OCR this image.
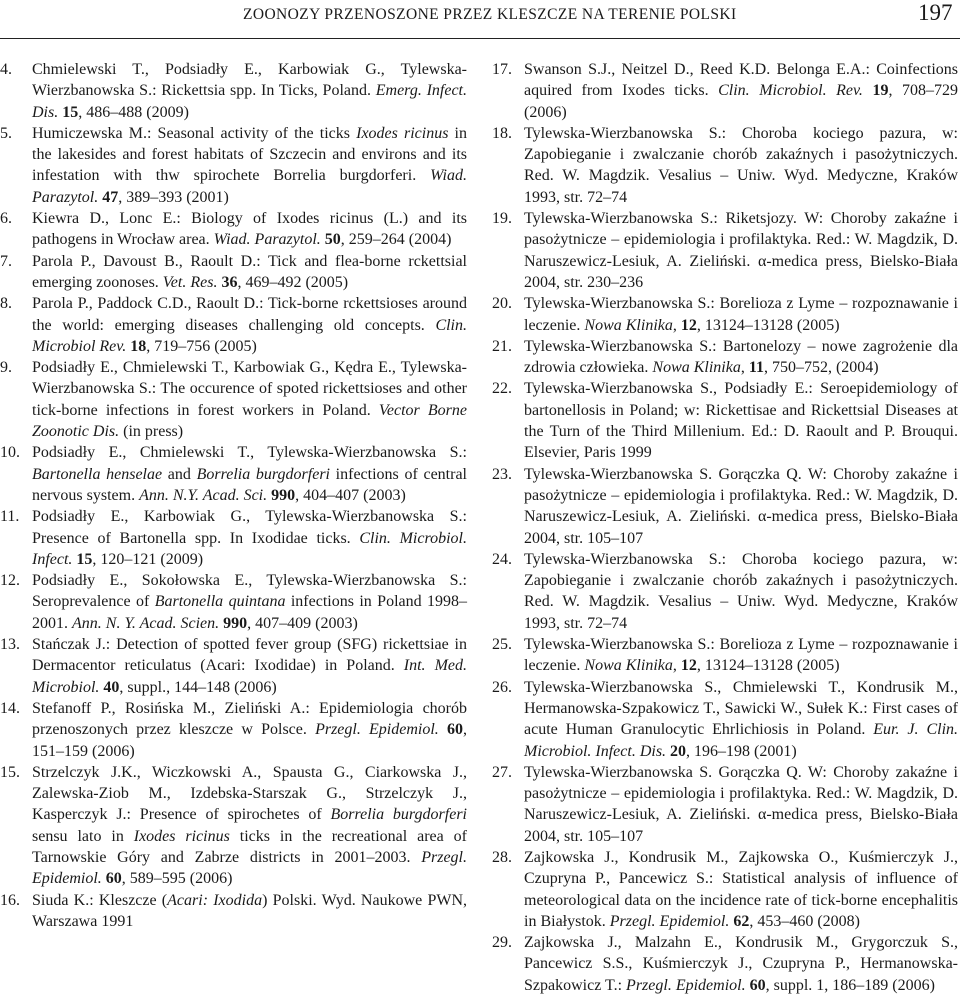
ZOONOZY PRZENOSZONE PRZEZ KLESZCZE NA TERENIE POLSKI	197
4.	Chmielewski T., Podsiadły E., Karbowiak G., Tylewska-Wierzbanowska S.: Rickettsia spp. In Ticks, Poland. Emerg. Infect. Dis. 15, 486–488 (2009)
5.	Humiczewska M.: Seasonal activity of the ticks Ixodes ricinus in the lakesides and forest habitats of Szczecin and environs and its infestation with thw spirochete Borrelia burgdorferi. Wiad. Parazytol. 47, 389–393 (2001)
6.	Kiewra D., Lonc E.: Biology of Ixodes ricinus (L.) and its pathogens in Wrocław area. Wiad. Parazytol. 50, 259–264 (2004)
7.	Parola P., Davoust B., Raoult D.: Tick and flea-borne rckettsial emerging zoonoses. Vet. Res. 36, 469–492 (2005)
8.	Parola P., Paddock C.D., Raoult D.: Tick-borne rckettsioses around the world: emerging diseases challenging old concepts. Clin. Microbiol Rev. 18, 719–756 (2005)
9.	Podsiadły E., Chmielewski T., Karbowiak G., Kędra E., Tylewska-Wierzbanowska S.: The occurence of spoted rickettsioses and other tick-borne infections in forest workers in Poland. Vector Borne Zoonotic Dis. (in press)
10. Podsiadły E., Chmielewski T., Tylewska-Wierzbanowska S.: Bartonella henselae and Borrelia burgdorferi infections of central nervous system. Ann. N.Y. Acad. Sci. 990, 404–407 (2003)
11. Podsiadły E., Karbowiak G., Tylewska-Wierzbanowska S.: Presence of Bartonella spp. In Ixodidae ticks. Clin. Microbiol. Infect. 15, 120–121 (2009)
12. Podsiadły E., Sokołowska E., Tylewska-Wierzbanowska S.: Seroprevalence of Bartonella quintana infections in Poland 1998–2001. Ann. N. Y. Acad. Scien. 990, 407–409 (2003)
13. Stańczak J.: Detection of spotted fever group (SFG) rickettsiae in Dermacentor reticulatus (Acari: Ixodidae) in Poland. Int. Med. Microbiol. 40, suppl., 144–148 (2006)
14. Stefanoff P., Rosińska M., Zieliński A.: Epidemiologia chorób przenoszonych przez kleszcze w Polsce. Przegl. Epidemiol. 60, 151–159 (2006)
15. Strzelczyk J.K., Wiczkowski A., Spausta G., Ciarkowska J., Zalewska-Ziob M., Izdebska-Starszak G., Strzelczyk J., Kasperczyk J.: Presence of spirochetes of Borrelia burgdorferi sensu lato in Ixodes ricinus ticks in the recreational area of Tarnowskie Góry and Zabrze districts in 2001–2003. Przegl. Epidemiol. 60, 589–595 (2006)
16. Siuda K.: Kleszcze (Acari: Ixodida) Polski. Wyd. Naukowe PWN, Warszawa 1991
17. Swanson S.J., Neitzel D., Reed K.D. Belonga E.A.: Coinfections aquired from Ixodes ticks. Clin. Microbiol. Rev. 19, 708–729 (2006)
18. Tylewska-Wierzbanowska S.: Choroba kociego pazura, w: Zapobieganie i zwalczanie chorób zakaźnych i pasożytniczych. Red. W. Magdzik. Vesalius – Uniw. Wyd. Medyczne, Kraków 1993, str. 72–74
19. Tylewska-Wierzbanowska S.: Riketsjozy. W: Choroby zakaźne i pasożytnicze – epidemiologia i profilaktyka. Red.: W. Magdzik, D. Naruszewicz-Lesiuk, A. Zieliński. α-medica press, Bielsko-Biała 2004, str. 230–236
20. Tylewska-Wierzbanowska S.: Boreliozа z Lyme – rozpoznawanie i leczenie. Nowa Klinika, 12, 13124–13128 (2005)
21. Tylewska-Wierzbanowska S.: Bartonelozy – nowe zagrożenie dla zdrowia człowieka. Nowa Klinika, 11, 750–752, (2004)
22. Tylewska-Wierzbanowska S., Podsiadły E.: Seroepidemiology of bartonellosis in Poland; w: Rickettisae and Rickettsial Diseases at the Turn of the Third Millenium. Ed.: D. Raoult and P. Brouqui. Elsevier, Paris 1999
23. Tylewska-Wierzbanowska S. Gorączka Q. W: Choroby zakaźne i pasożytnicze – epidemiologia i profilaktyka. Red.: W. Magdzik, D. Naruszewicz-Lesiuk, A. Zieliński. α-medica press, Bielsko-Biała 2004, str. 105–107
24. Tylewska-Wierzbanowska S.: Choroba kociego pazura, w: Zapobieganie i zwalczanie chorób zakaźnych i pasożytniczych. Red. W. Magdzik. Vesalius – Uniw. Wyd. Medyczne, Kraków 1993, str. 72–74
25. Tylewska-Wierzbanowska S.: Borelioza z Lyme – rozpoznawanie i leczenie. Nowa Klinika, 12, 13124–13128 (2005)
26. Tylewska-Wierzbanowska S., Chmielewski T., Kondrusik M., Hermanowska-Szpakowicz T., Sawicki W., Sułek K.: First cases of acute Human Granulocytic Ehrlichiosis in Poland. Eur. J. Clin. Microbiol. Infect. Dis. 20, 196–198 (2001)
27. Tylewska-Wierzbanowska S. Gorączka Q. W: Choroby zakaźne i pasożytnicze – epidemiologia i profilaktyka. Red.: W. Magdzik, D. Naruszewicz-Lesiuk, A. Zieliński. α-medica press, Bielsko-Biała 2004, str. 105–107
28. Zajkowska J., Kondrusik M., Zajkowska O., Kuśmierczyk J., Czupryna P., Pancewicz S.: Statistical analysis of influence of meteorological data on the incidence rate of tick-borne encephalitis in Białystok. Przegl. Epidemiol. 62, 453–460 (2008)
29. Zajkowska J., Malzahn E., Kondrusik M., Grygorczuk S., Pancewicz S.S., Kuśmierczyk J., Czupryna P., Hermanowska-Szpakowicz T.: Przegl. Epidemiol. 60, suppl. 1, 186–189 (2006)
